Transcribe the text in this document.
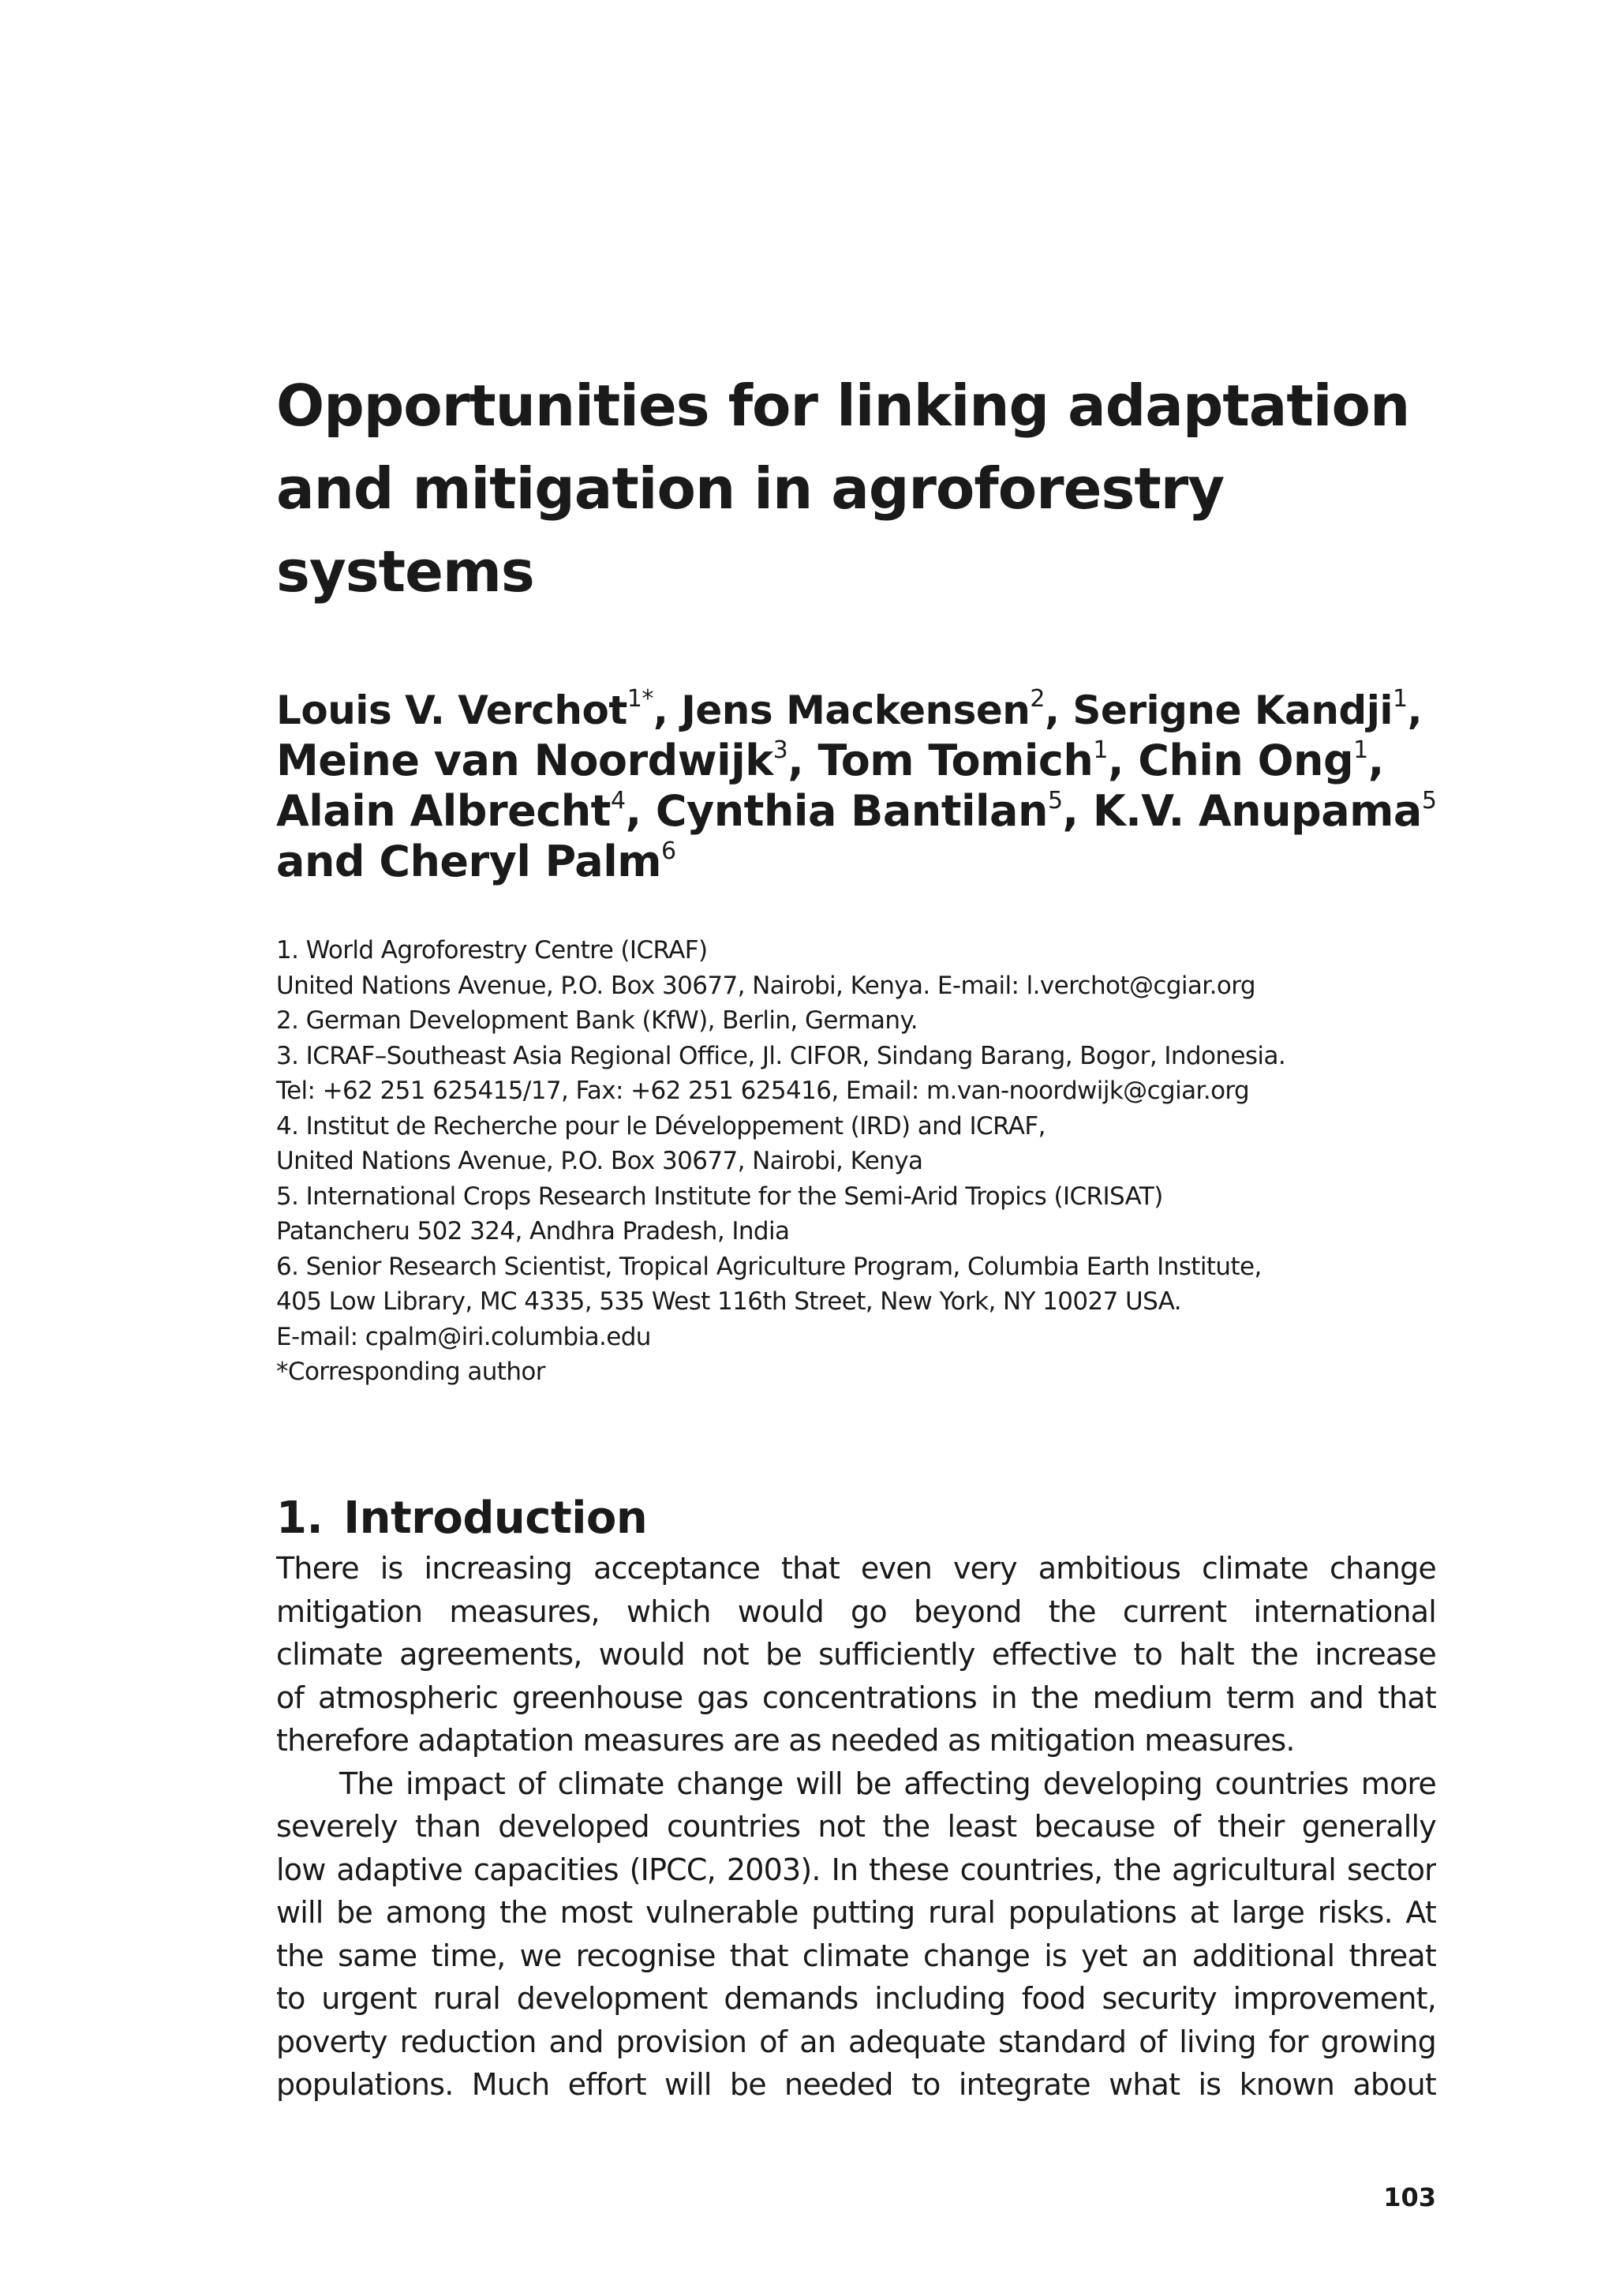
Opportunities for linking adaptation
and mitigation in agroforestry
systems
Louis V. Verchot$^{1*}$, Jens Mackensen$^2$, Serigne Kandji$^1$,
Meine van Noordwijk$^3$, Tom Tomich$^1$, Chin Ong$^1$,
Alain Albrecht$^4$, Cynthia Bantilan$^5$, K.V. Anupama$^5$
and Cheryl Palm$^6$
1. World Agroforestry Centre (ICRAF)
United Nations Avenue, P.O. Box 30677, Nairobi, Kenya. E-mail: l.verchot@cgiar.org
2. German Development Bank (KfW), Berlin, Germany.
3. ICRAF–Southeast Asia Regional Office, Jl. CIFOR, Sindang Barang, Bogor, Indonesia.
Tel: +62 251 625415/17, Fax: +62 251 625416, Email: m.van-noordwijk@cgiar.org
4. Institut de Recherche pour le Développement (IRD) and ICRAF,
United Nations Avenue, P.O. Box 30677, Nairobi, Kenya
5. International Crops Research Institute for the Semi-Arid Tropics (ICRISAT)
Patancheru 502 324, Andhra Pradesh, India
6. Senior Research Scientist, Tropical Agriculture Program, Columbia Earth Institute,
405 Low Library, MC 4335, 535 West 116th Street, New York, NY 10027 USA.
E-mail: cpalm@iri.columbia.edu
*Corresponding author
1. Introduction
There is increasing acceptance that even very ambitious climate change
mitigation measures, which would go beyond the current international
climate agreements, would not be sufficiently effective to halt the increase
of atmospheric greenhouse gas concentrations in the medium term and that
therefore adaptation measures are as needed as mitigation measures.
The impact of climate change will be affecting developing countries more
severely than developed countries not the least because of their generally
low adaptive capacities (IPCC, 2003). In these countries, the agricultural sector
will be among the most vulnerable putting rural populations at large risks. At
the same time, we recognise that climate change is yet an additional threat
to urgent rural development demands including food security improvement,
poverty reduction and provision of an adequate standard of living for growing
populations. Much effort will be needed to integrate what is known about
103
